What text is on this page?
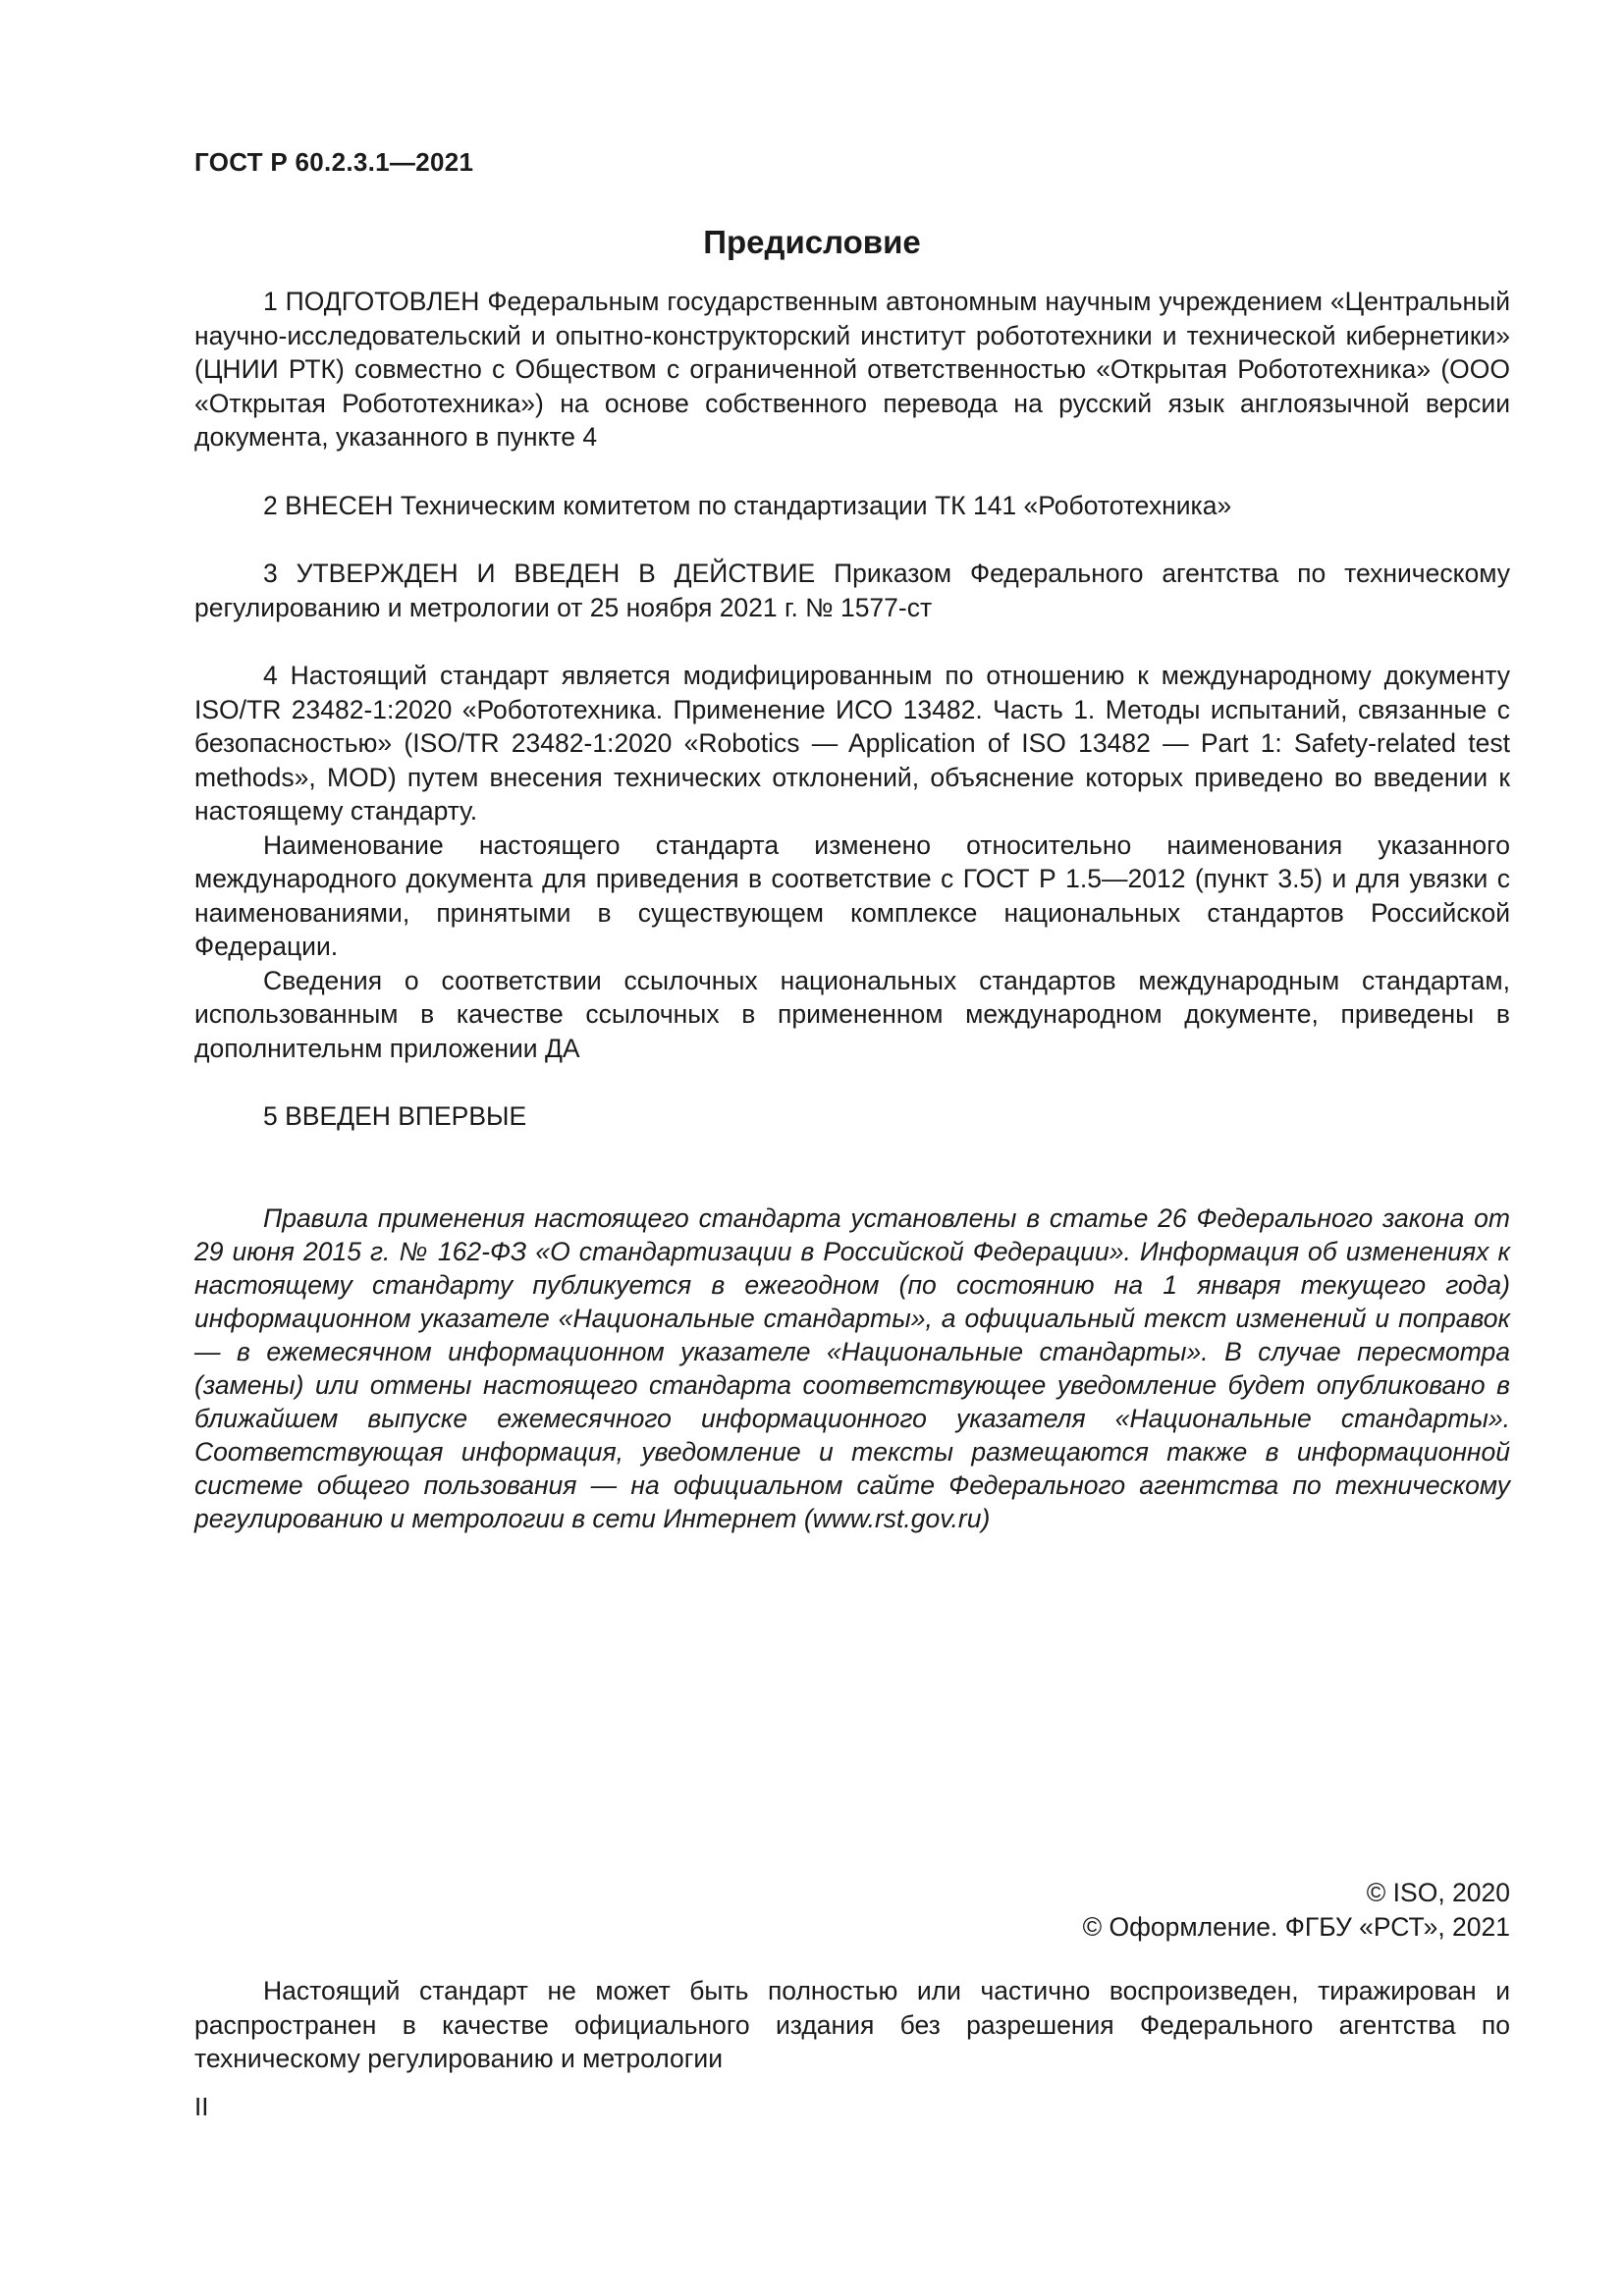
ГОСТ Р 60.2.3.1—2021
Предисловие

1 ПОДГОТОВЛЕН Федеральным государственным автономным научным учреждением «Центральный научно-исследовательский и опытно-конструкторский институт робототехники и технической кибернетики» (ЦНИИ РТК) совместно с Обществом с ограниченной ответственностью «Открытая Робототехника» (ООО «Открытая Робототехника») на основе собственного перевода на русский язык англоязычной версии документа, указанного в пункте 4

2 ВНЕСЕН Техническим комитетом по стандартизации ТК 141 «Робототехника»

3 УТВЕРЖДЕН И ВВЕДЕН В ДЕЙСТВИЕ Приказом Федерального агентства по техническому регулированию и метрологии от 25 ноября 2021 г. № 1577-ст

4 Настоящий стандарт является модифицированным по отношению к международному документу ISO/TR 23482-1:2020 «Робототехника. Применение ИСО 13482. Часть 1. Методы испытаний, связанные с безопасностью» (ISO/TR 23482-1:2020 «Robotics — Application of ISO 13482 — Part 1: Safety-related test methods», MOD) путем внесения технических отклонений, объяснение которых приведено во введении к настоящему стандарту.

Наименование настоящего стандарта изменено относительно наименования указанного международного документа для приведения в соответствие с ГОСТ Р 1.5—2012 (пункт 3.5) и для увязки с наименованиями, принятыми в существующем комплексе национальных стандартов Российской Федерации.

Сведения о соответствии ссылочных национальных стандартов международным стандартам, использованным в качестве ссылочных в примененном международном документе, приведены в дополнительнм приложении ДА

5 ВВЕДЕН ВПЕРВЫЕ

Правила применения настоящего стандарта установлены в статье 26 Федерального закона от 29 июня 2015 г. № 162-ФЗ «О стандартизации в Российской Федерации». Информация об изменениях к настоящему стандарту публикуется в ежегодном (по состоянию на 1 января текущего года) информационном указателе «Национальные стандарты», а официальный текст изменений и поправок — в ежемесячном информационном указателе «Национальные стандарты». В случае пересмотра (замены) или отмены настоящего стандарта соответствующее уведомление будет опубликовано в ближайшем выпуске ежемесячного информационного указателя «Национальные стандарты». Соответствующая информация, уведомление и тексты размещаются также в информационной системе общего пользования — на официальном сайте Федерального агентства по техническому регулированию и метрологии в сети Интернет (www.rst.gov.ru)

© ISO, 2020
© Оформление. ФГБУ «РСТ», 2021

Настоящий стандарт не может быть полностью или частично воспроизведен, тиражирован и распространен в качестве официального издания без разрешения Федерального агентства по техническому регулированию и метрологии

II
